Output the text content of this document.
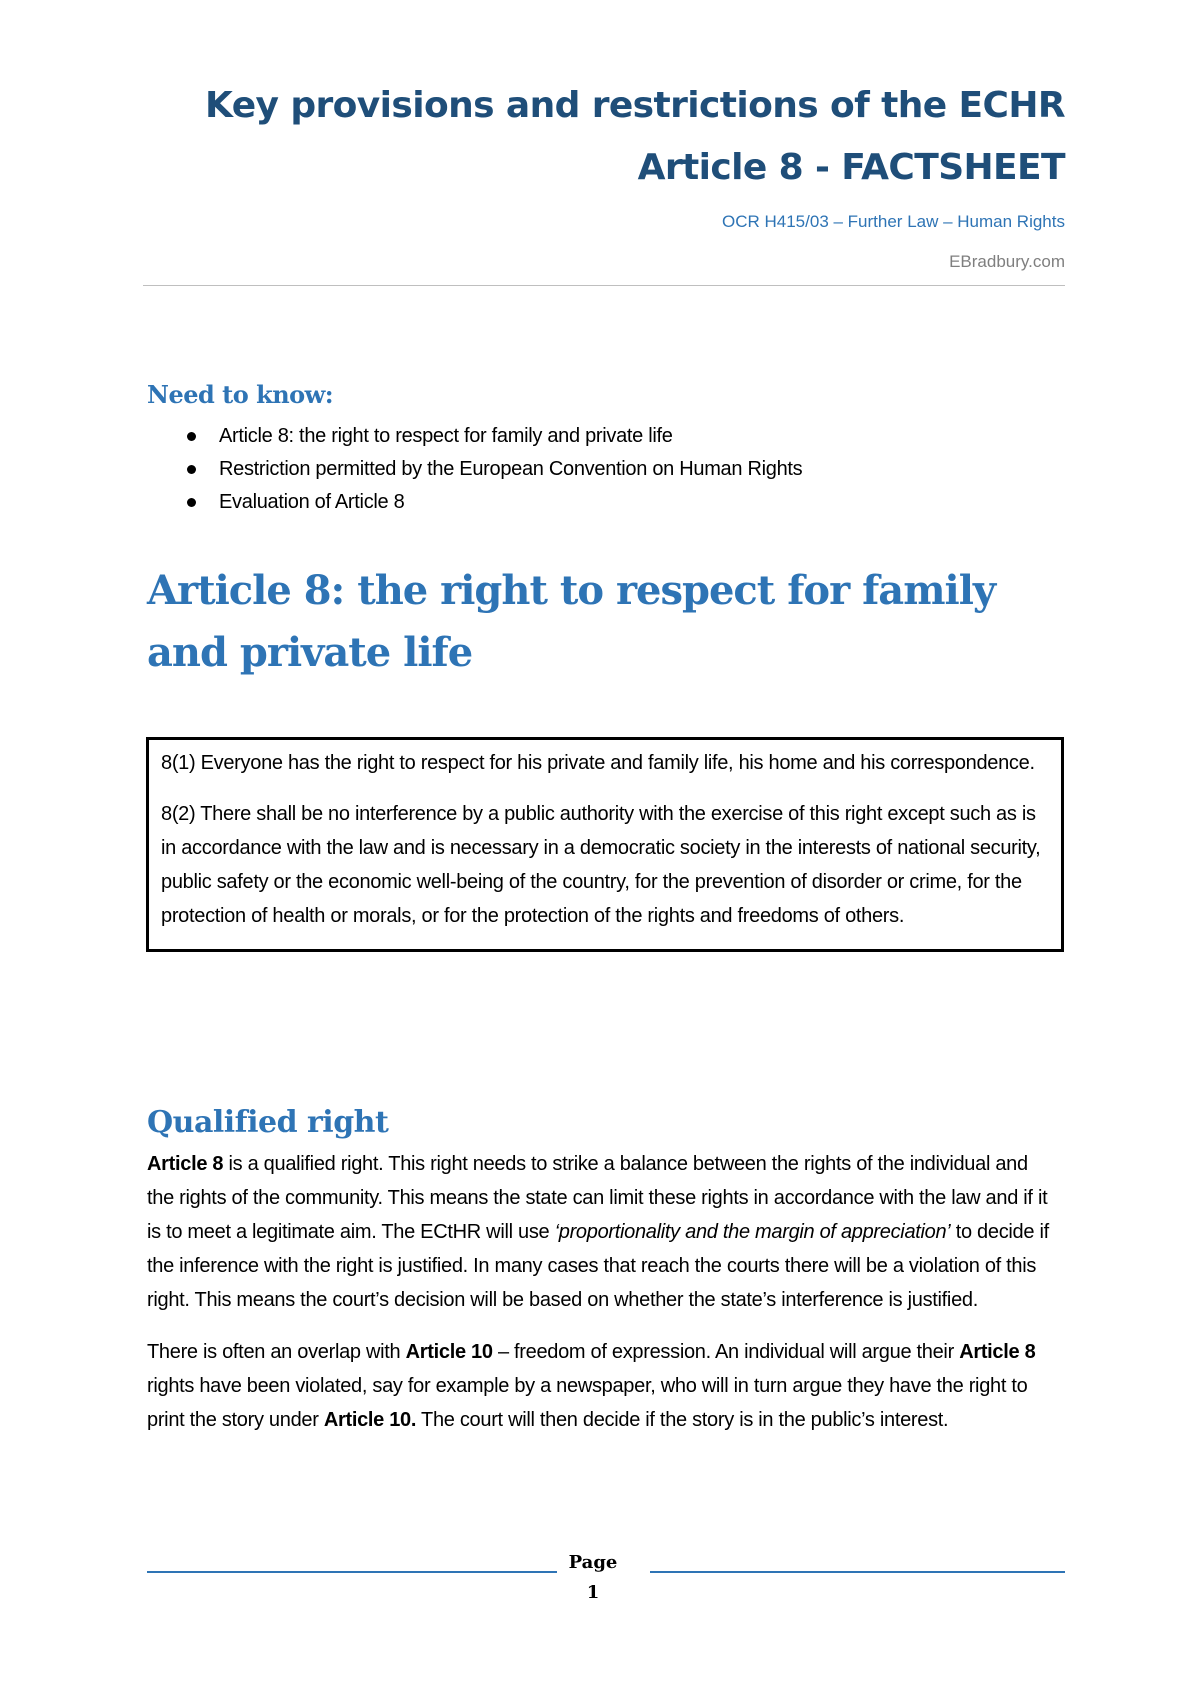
Key provisions and restrictions of the ECHR
Article 8 - FACTSHEET
OCR H415/03 – Further Law – Human Rights
EBradbury.com
Need to know:
Article 8: the right to respect for family and private life
Restriction permitted by the European Convention on Human Rights
Evaluation of Article 8
Article 8: the right to respect for family and private life

8(1) Everyone has the right to respect for his private and family life, his home and his correspondence.

8(2) There shall be no interference by a public authority with the exercise of this right except such as is in accordance with the law and is necessary in a democratic society in the interests of national security, public safety or the economic well-being of the country, for the prevention of disorder or crime, for the protection of health or morals, or for the protection of the rights and freedoms of others.

Qualified right

Article 8 is a qualified right. This right needs to strike a balance between the rights of the individual and the rights of the community. This means the state can limit these rights in accordance with the law and if it is to meet a legitimate aim. The ECtHR will use ‘proportionality and the margin of appreciation’ to decide if the inference with the right is justified. In many cases that reach the courts there will be a violation of this right. This means the court’s decision will be based on whether the state’s interference is justified.

There is often an overlap with Article 10 – freedom of expression. An individual will argue their Article 8 rights have been violated, say for example by a newspaper, who will in turn argue they have the right to print the story under Article 10. The court will then decide if the story is in the public’s interest.

Page
1
